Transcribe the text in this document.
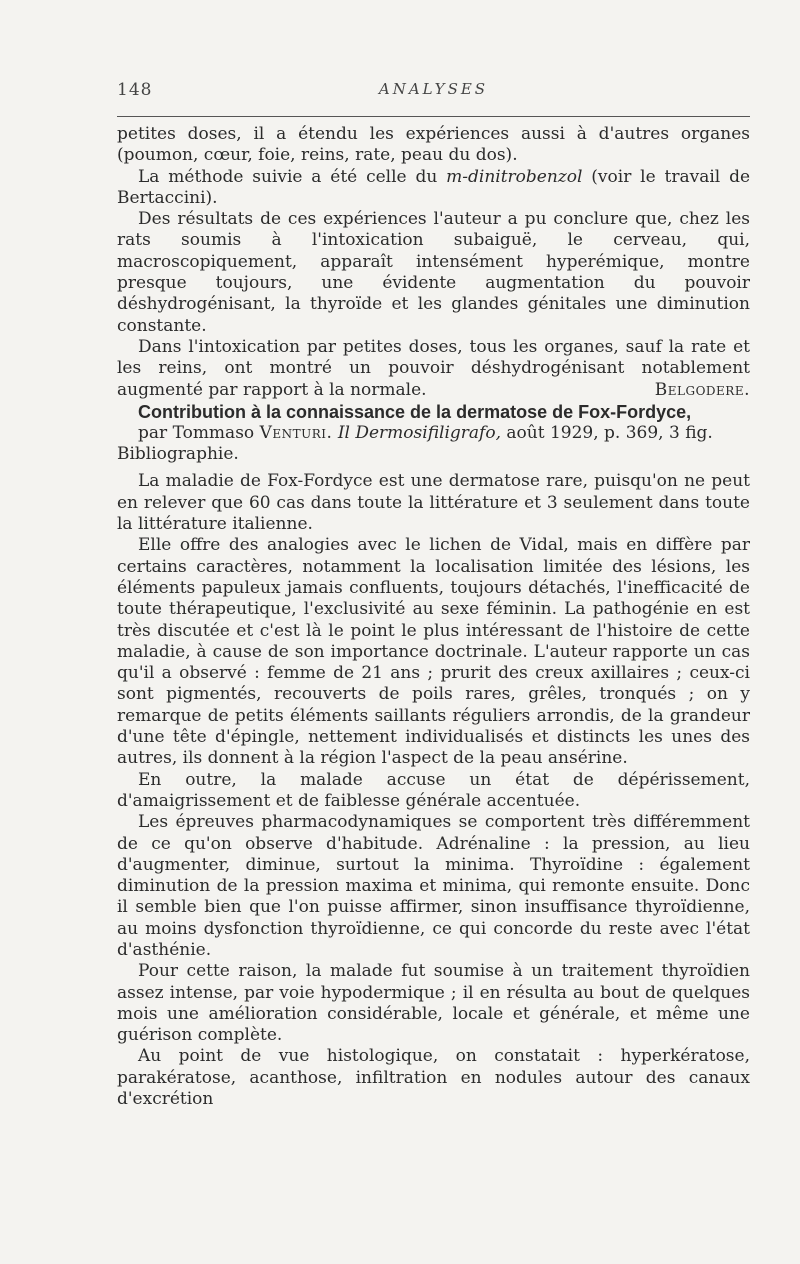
148	ANALYSES

petites doses, il a étendu les expériences aussi à d'autres organes (poumon, cœur, foie, reins, rate, peau du dos).

La méthode suivie a été celle du m-dinitrobenzol (voir le travail de Bertaccini).

Des résultats de ces expériences l'auteur a pu conclure que, chez les rats soumis à l'intoxication subaiguë, le cerveau, qui, macroscopiquement, apparaît intensément hyperémique, montre presque toujours, une évidente augmentation du pouvoir déshydrogénisant, la thyroïde et les glandes génitales une diminution constante.

Dans l'intoxication par petites doses, tous les organes, sauf la rate et les reins, ont montré un pouvoir déshydrogénisant notablement augmenté par rapport à la normale.	Belgodere.

Contribution à la connaissance de la dermatose de Fox-Fordyce,

par Tommaso Venturi. Il Dermosifiligrafo, août 1929, p. 369, 3 fig. Bibliographie.

La maladie de Fox-Fordyce est une dermatose rare, puisqu'on ne peut en relever que 60 cas dans toute la littérature et 3 seulement dans toute la littérature italienne.

Elle offre des analogies avec le lichen de Vidal, mais en diffère par certains caractères, notamment la localisation limitée des lésions, les éléments papuleux jamais confluents, toujours détachés, l'inefficacité de toute thérapeutique, l'exclusivité au sexe féminin. La pathogénie en est très discutée et c'est là le point le plus intéressant de l'histoire de cette maladie, à cause de son importance doctrinale. L'auteur rapporte un cas qu'il a observé : femme de 21 ans ; prurit des creux axillaires ; ceux-ci sont pigmentés, recouverts de poils rares, grêles, tronqués ; on y remarque de petits éléments saillants réguliers arrondis, de la grandeur d'une tête d'épingle, nettement individualisés et distincts les unes des autres, ils donnent à la région l'aspect de la peau ansérine.

En outre, la malade accuse un état de dépérissement, d'amaigrissement et de faiblesse générale accentuée.

Les épreuves pharmacodynamiques se comportent très différemment de ce qu'on observe d'habitude. Adrénaline : la pression, au lieu d'augmenter, diminue, surtout la minima. Thyroïdine : également diminution de la pression maxima et minima, qui remonte ensuite. Donc il semble bien que l'on puisse affirmer, sinon insuffisance thyroïdienne, au moins dysfonction thyroïdienne, ce qui concorde du reste avec l'état d'asthénie.

Pour cette raison, la malade fut soumise à un traitement thyroïdien assez intense, par voie hypodermique ; il en résulta au bout de quelques mois une amélioration considérable, locale et générale, et même une guérison complète.

Au point de vue histologique, on constatait : hyperkératose, parakératose, acanthose, infiltration en nodules autour des canaux d'excrétion
